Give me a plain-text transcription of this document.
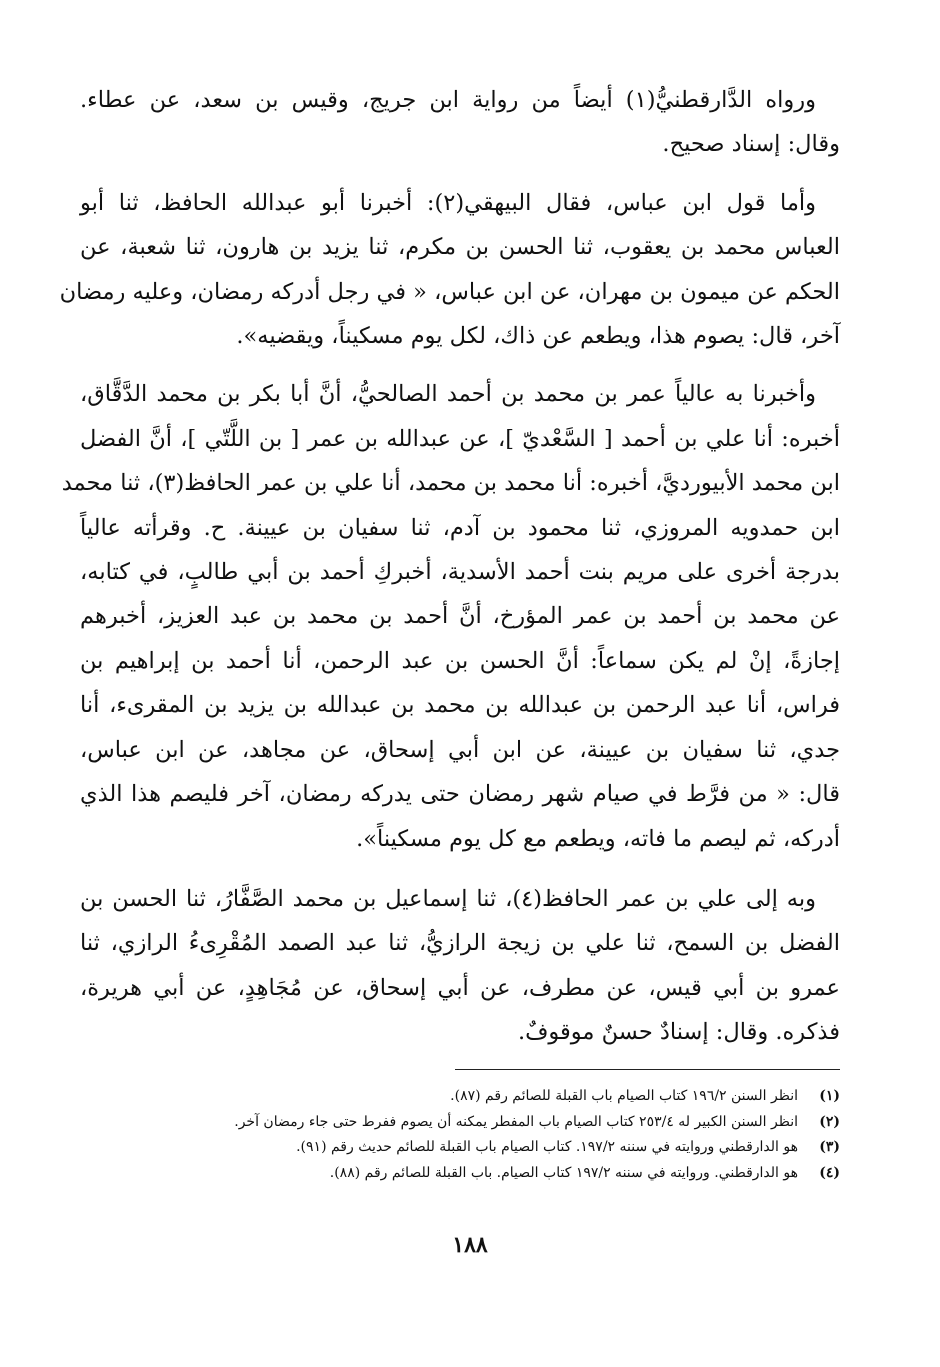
ورواه الدَّارقطنيُّ(١) أيضاً من رواية ابن جريج، وقيس بن سعد، عن عطاء.
وقال: إسناد صحيح.
وأما قول ابن عباس، فقال البيهقي(٢): أخبرنا أبو عبدالله الحافظ، ثنا أبو
العباس محمد بن يعقوب، ثنا الحسن بن مكرم، ثنا يزيد بن هارون، ثنا شعبة، عن
الحكم عن ميمون بن مهران، عن ابن عباس، « في رجل أدركه رمضان، وعليه رمضان
آخر، قال: يصوم هذا، ويطعم عن ذاك، لكل يوم مسكيناً، ويقضيه».
وأخبرنا به عالياً عمر بن محمد بن أحمد الصالحيُّ، أنَّ أبا بكر بن محمد الدَّقَّاق،
أخبره: أنا علي بن أحمد [ السَّعْديّ ]، عن عبدالله بن عمر [ بن اللَّتّي ]، أنَّ الفضل
ابن محمد الأبيورديَّ، أخبره: أنا محمد بن محمد، أنا علي بن عمر الحافظ(٣)، ثنا محمد
ابن حمدويه المروزي، ثنا محمود بن آدم، ثنا سفيان بن عيينة. ح. وقرأته عالياً
بدرجة أخرى على مريم بنت أحمد الأسدية، أخبركِ أحمد بن أبي طالبٍ، في كتابه،
عن محمد بن أحمد بن عمر المؤرخ، أنَّ أحمد بن محمد بن عبد العزيز، أخبرهم
إجازةً، إنْ لم يكن سماعاً: أنَّ الحسن بن عبد الرحمن، أنا أحمد بن إبراهيم بن
فراس، أنا عبد الرحمن بن عبدالله بن محمد بن عبدالله بن يزيد بن المقرىء، أنا
جدي، ثنا سفيان بن عيينة، عن ابن أبي إسحاق، عن مجاهد، عن ابن عباس،
قال: « من فرَّط في صيام شهر رمضان حتى يدركه رمضان، آخر فليصم هذا الذي
أدركه، ثم ليصم ما فاته، ويطعم مع كل يوم مسكيناً».
وبه إلى علي بن عمر الحافظ(٤)، ثنا إسماعيل بن محمد الصَّفَّارُ، ثنا الحسن بن
الفضل بن السمح، ثنا علي بن زيجة الرازيُّ، ثنا عبد الصمد المُقْرِىءُ الرازي، ثنا
عمرو بن أبي قيس، عن مطرف، عن أبي إسحاق، عن مُجَاهِدٍ، عن أبي هريرة،
فذكره. وقال: إسنادٌ حسنٌ موقوفٌ.
(١)
انظر السنن ١٩٦/٢ كتاب الصيام باب القبلة للصائم رقم (٨٧).
(٢)
انظر السنن الكبير له ٢٥٣/٤ كتاب الصيام باب المفطر يمكنه أن يصوم ففرط حتى جاء رمضان آخر.
(٣)
هو الدارقطني وروايته في سننه ١٩٧/٢. كتاب الصيام باب القبلة للصائم حديث رقم (٩١).
(٤)
هو الدارقطني. وروايته في سننه ١٩٧/٢ كتاب الصيام. باب القبلة للصائم رقم (٨٨).
١٨٨
